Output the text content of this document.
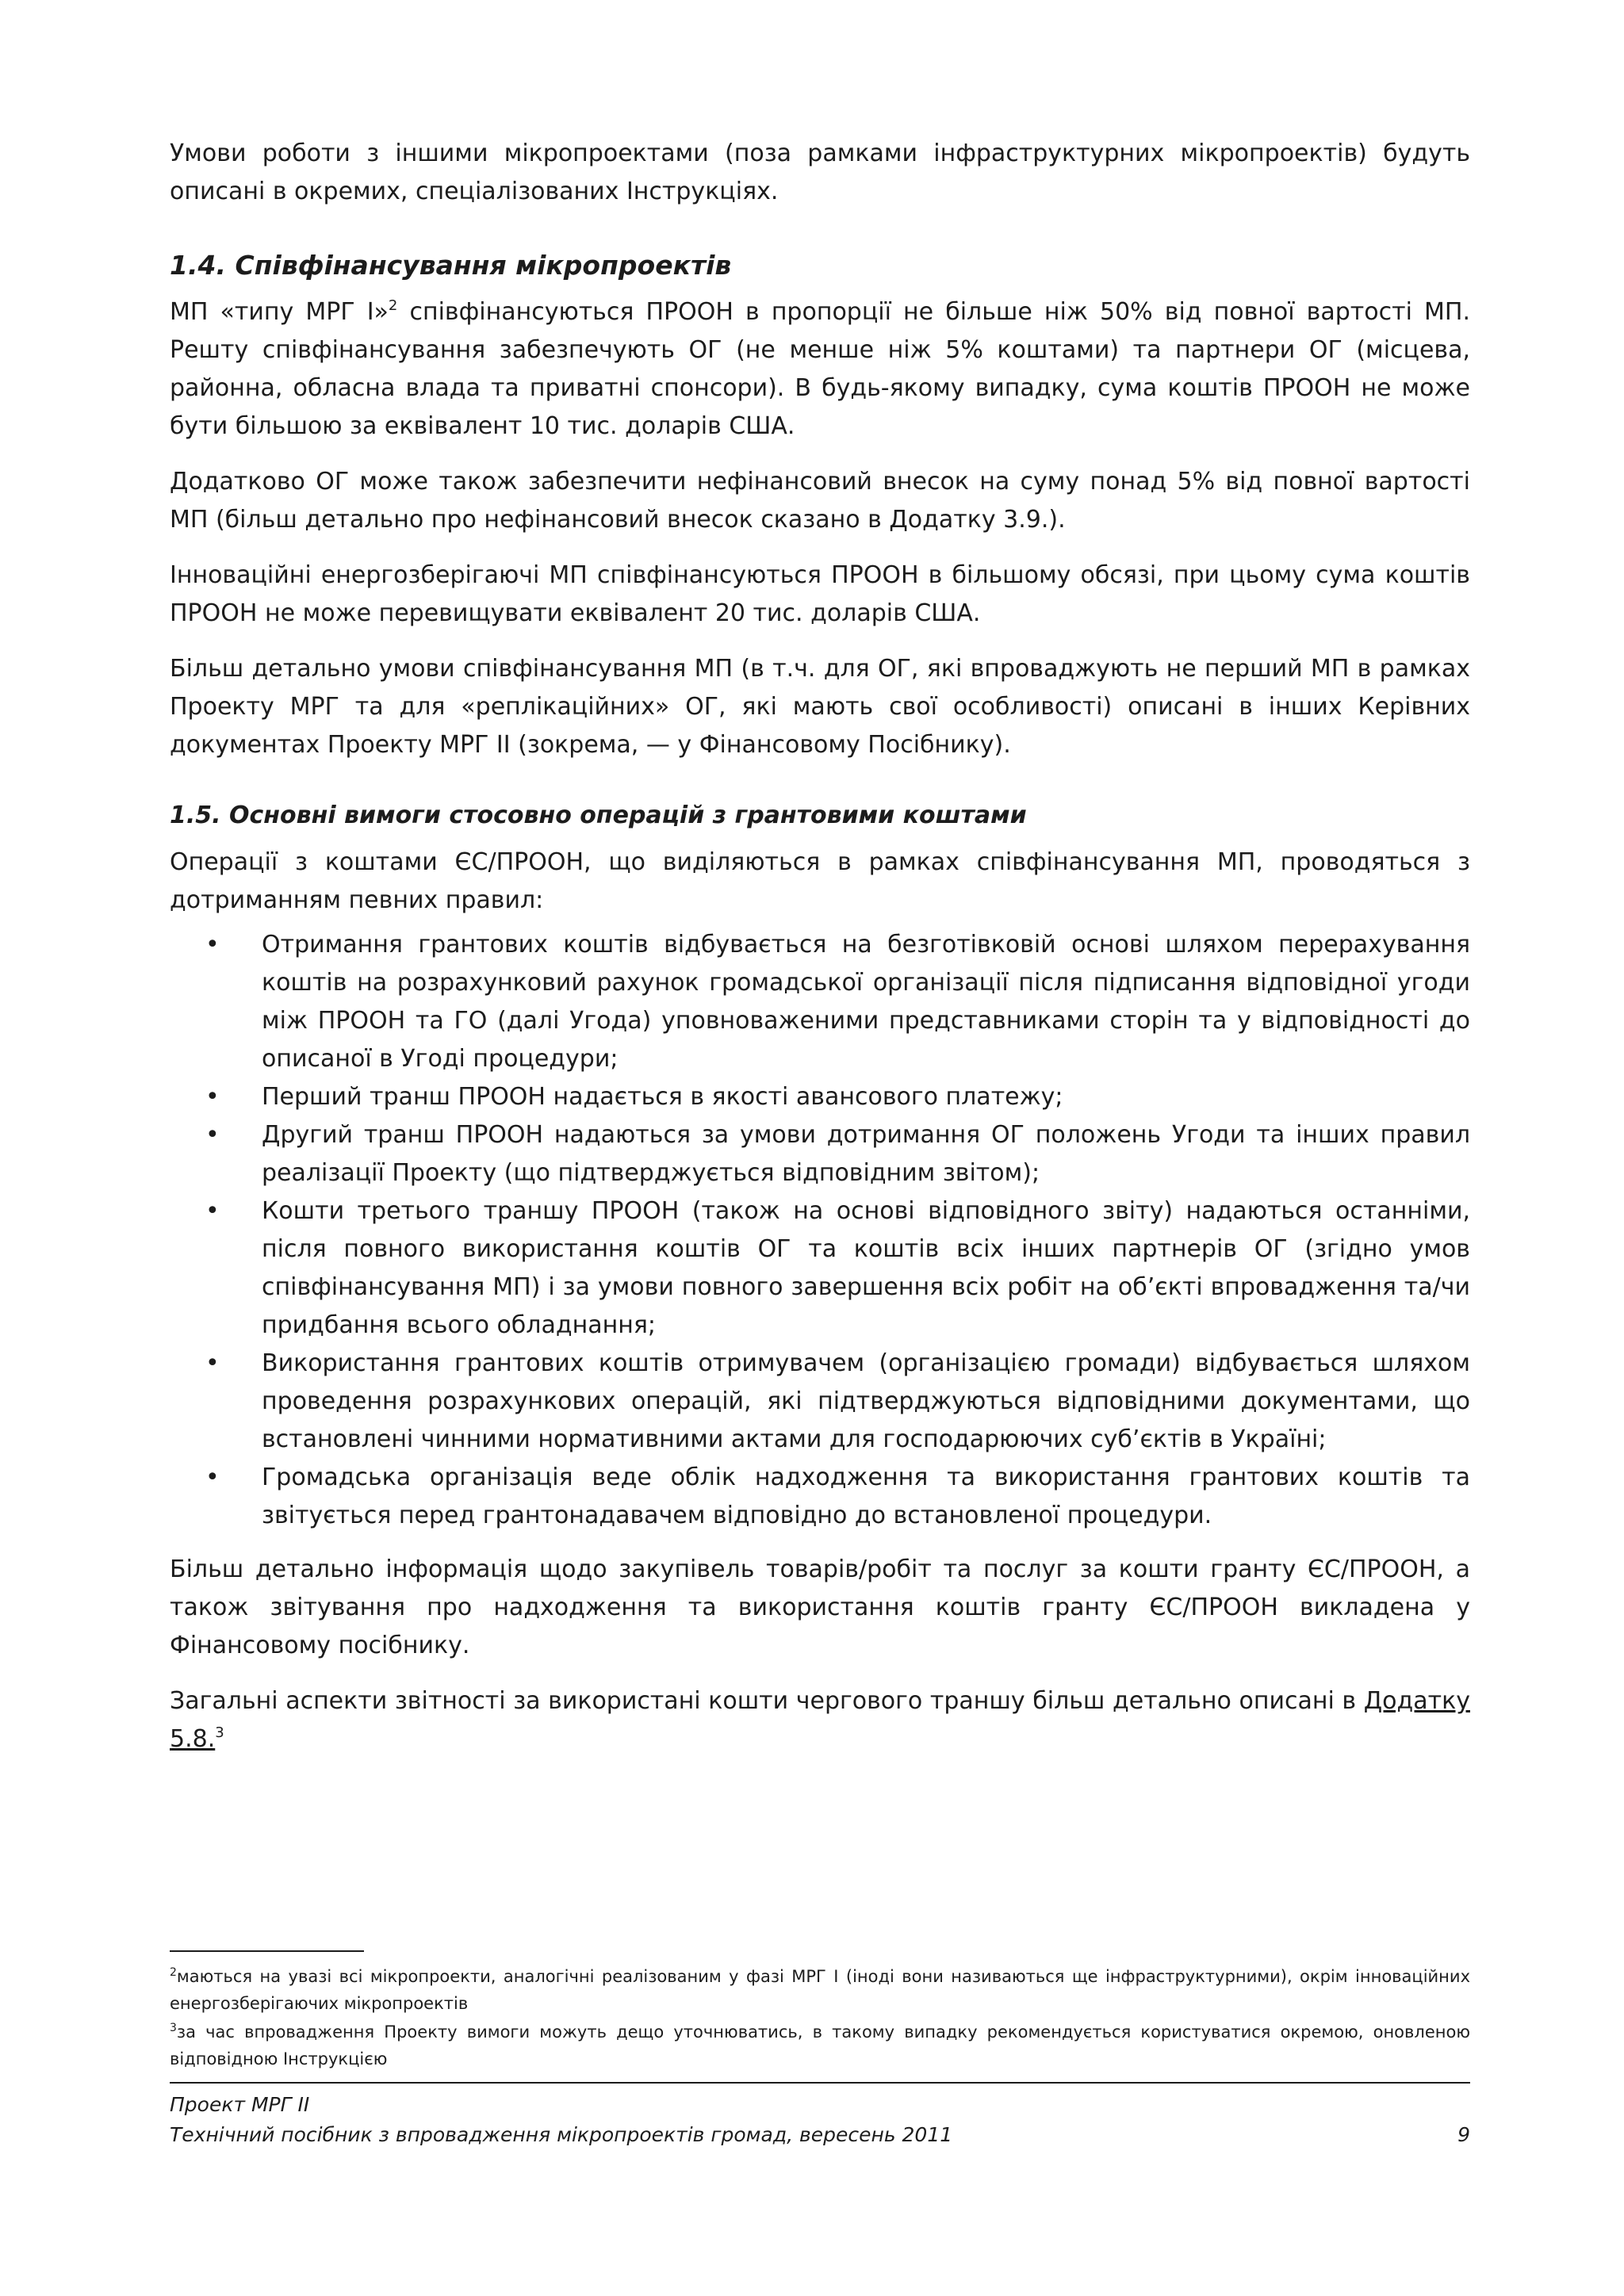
Умови роботи з іншими мікропроектами (поза рамками інфраструктурних мікропроектів) будуть описані в окремих, спеціалізованих Інструкціях.

1.4. Співфінансування мікропроектів

МП «типу МРГ І»$^2$ співфінансуються ПРООН в пропорції не більше ніж 50% від повної вартості МП. Решту співфінансування забезпечують ОГ (не менше ніж 5% коштами) та партнери ОГ (місцева, районна, обласна влада та приватні спонсори). В будь-якому випадку, сума коштів ПРООН не може бути більшою за еквівалент 10 тис. доларів США.

Додатково ОГ може також забезпечити нефінансовий внесок на суму понад 5% від повної вартості МП (більш детально про нефінансовий внесок сказано в Додатку 3.9.).

Інноваційні енергозберігаючі МП співфінансуються ПРООН в більшому обсязі, при цьому сума коштів ПРООН не може перевищувати еквівалент 20 тис. доларів США.

Більш детально умови співфінансування МП (в т.ч. для ОГ, які впроваджують не перший МП в рамках Проекту МРГ та для «реплікаційних» ОГ, які мають свої особливості) описані в інших Керівних документах Проекту МРГ ІІ (зокрема, — у Фінансовому Посібнику).

1.5. Основні вимоги стосовно операцій з грантовими коштами

Операції з коштами ЄС/ПРООН, що виділяються в рамках співфінансування МП, проводяться з дотриманням певних правил:

• Отримання грантових коштів відбувається на безготівковій основі шляхом перерахування коштів на розрахунковий рахунок громадської організації після підписання відповідної угоди між ПРООН та ГО (далі Угода) уповноваженими представниками сторін та у відповідності до описаної в Угоді процедури;
• Перший транш ПРООН надається в якості авансового платежу;
• Другий транш ПРООН надаються за умови дотримання ОГ положень Угоди та інших правил реалізації Проекту (що підтверджується відповідним звітом);
• Кошти третього траншу ПРООН (також на основі відповідного звіту) надаються останніми, після повного використання коштів ОГ та коштів всіх інших партнерів ОГ (згідно умов співфінансування МП) і за умови повного завершення всіх робіт на об’єкті впровадження та/чи придбання всього обладнання;
• Використання грантових коштів отримувачем (організацією громади) відбувається шляхом проведення розрахункових операцій, які підтверджуються відповідними документами, що встановлені чинними нормативними актами для господарюючих суб’єктів в Україні;
• Громадська організація веде облік надходження та використання грантових коштів та звітується перед грантонадавачем відповідно до встановленої процедури.

Більш детально інформація щодо закупівель товарів/робіт та послуг за кошти гранту ЄС/ПРООН, а також звітування про надходження та використання коштів гранту ЄС/ПРООН викладена у Фінансовому посібнику.

Загальні аспекти звітності за використані кошти чергового траншу більш детально описані в Додатку 5.8.$^3$

$^2$маються на увазі всі мікропроекти, аналогічні реалізованим у фазі МРГ І (іноді вони називаються ще інфраструктурними), окрім інноваційних енергозберігаючих мікропроектів

$^3$за час впровадження Проекту вимоги можуть дещо уточнюватись, в такому випадку рекомендується користуватися окремою, оновленою відповідною Інструкцією

Проект МРГ ІІ
Технічний посібник з впровадження мікропроектів громад, вересень 2011	9
